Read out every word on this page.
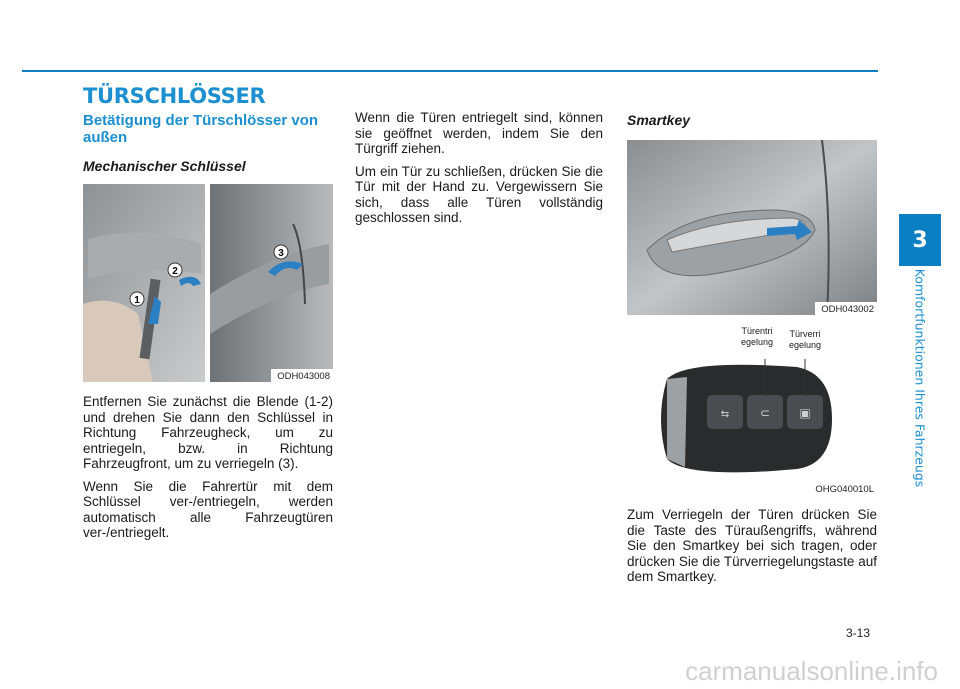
TÜRSCHLÖSSER
Betätigung der Türschlösser von außen
Mechanischer Schlüssel
1
2
3
ODH043008

Entfernen Sie zunächst die Blende (1-2) und drehen Sie dann den Schlüssel in Richtung Fahrzeugheck, um zu entriegeln, bzw. in Richtung Fahrzeugfront, um zu verriegeln (3).

Wenn Sie die Fahrertür mit dem Schlüssel ver-/entriegeln, werden automatisch alle Fahrzeugtüren ver-/entriegelt.

Wenn die Türen entriegelt sind, können sie geöffnet werden, indem Sie den Türgriff ziehen.

Um ein Tür zu schließen, drücken Sie die Tür mit der Hand zu. Vergewissern Sie sich, dass alle Türen vollständig geschlossen sind.

Smartkey
ODH043002
⇆	⊂ ▣
Türentri
egelung
Türverri
egelung
OHG040010L

Zum Verriegeln der Türen drücken Sie die Taste des Türaußengriffs, während Sie den Smartkey bei sich tragen, oder drücken Sie die Türverriegelungstaste auf dem Smartkey.

3
Komfortfunktionen Ihres Fahrzeugs
3-13
carmanualsonline.info
